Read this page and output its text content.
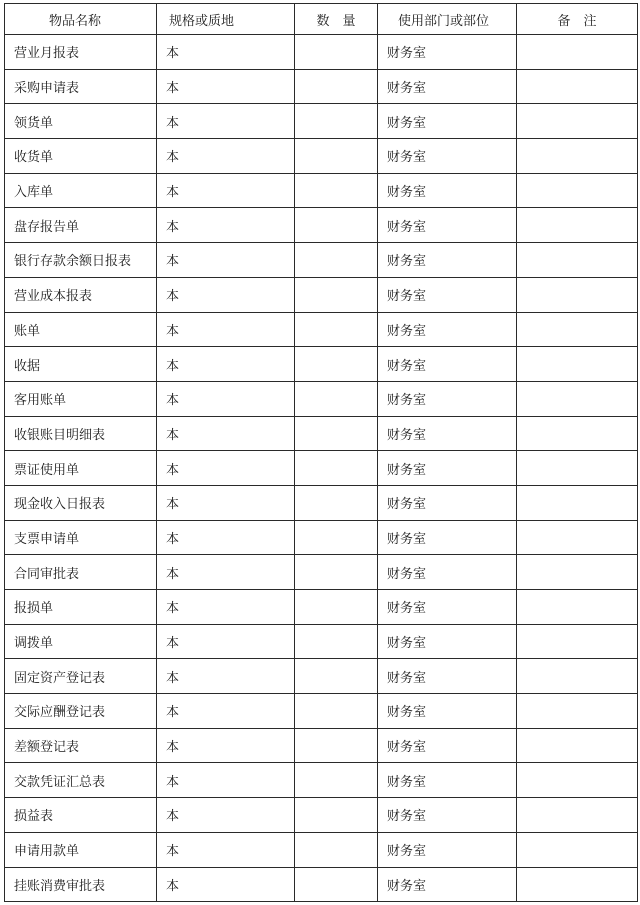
物品名称	规格或质地	数　量	使用部门或部位	备　注
营业月报表	本		财务室	
采购申请表	本		财务室	
领货单	本		财务室	
收货单	本		财务室	
入库单	本		财务室	
盘存报告单	本		财务室	
银行存款余额日报表	本		财务室	
营业成本报表	本		财务室	
账单	本		财务室	
收据	本		财务室	
客用账单	本		财务室	
收银账目明细表	本		财务室	
票证使用单	本		财务室	
现金收入日报表	本		财务室	
支票申请单	本		财务室	
合同审批表	本		财务室	
报损单	本		财务室	
调拨单	本		财务室	
固定资产登记表	本		财务室	
交际应酬登记表	本		财务室	
差额登记表	本		财务室	
交款凭证汇总表	本		财务室	
损益表	本		财务室	
申请用款单	本		财务室	
挂账消费审批表	本		财务室	
